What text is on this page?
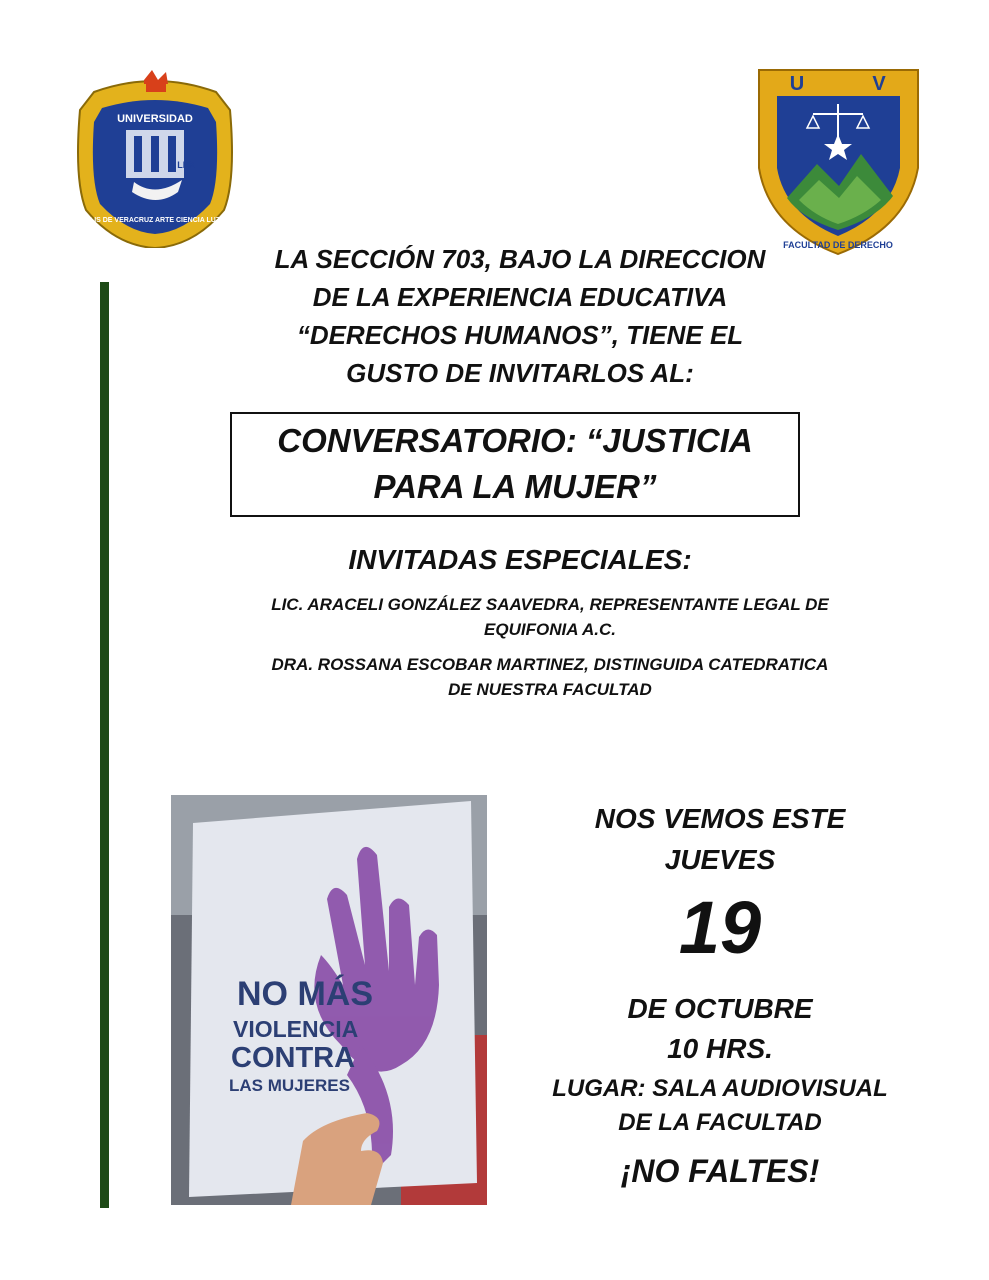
UNIVERSIDAD
LEX
LIS DE VERACRUZ ARTE CIENCIA LUZ
U	V
FACULTAD DE DERECHO
LA SECCIÓN 703, BAJO LA DIRECCION
DE LA EXPERIENCIA EDUCATIVA
“DERECHOS HUMANOS”, TIENE EL
GUSTO DE INVITARLOS AL:
CONVERSATORIO: “JUSTICIA
PARA LA MUJER”
INVITADAS ESPECIALES:
LIC. ARACELI GONZÁLEZ SAAVEDRA, REPRESENTANTE LEGAL DE
EQUIFONIA A.C.
DRA. ROSSANA ESCOBAR MARTINEZ, DISTINGUIDA CATEDRATICA
DE NUESTRA FACULTAD
NO MÁS
VIOLENCIA
CONTRA
LAS MUJERES
NOS VEMOS ESTE
JUEVES
19
DE OCTUBRE
10 HRS.
LUGAR: SALA AUDIOVISUAL
DE LA FACULTAD
¡NO FALTES!
